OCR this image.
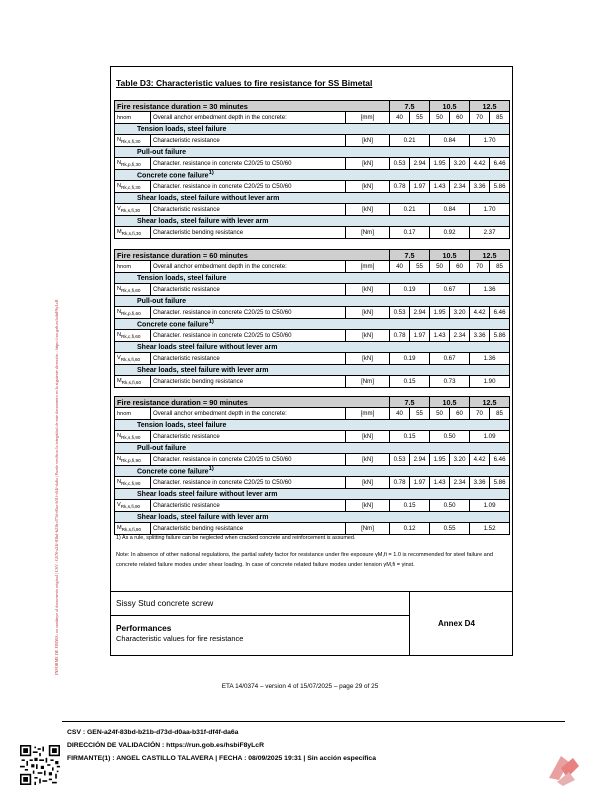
INFORME DE FIRMA: no sustituye al documento original | CSV : GEN-a24f-83bd-b21b-d73d-d0aa-b31f-df4f-da6a | Puede verificar la integridad de este documento en la siguiente dirección : https://run.gob.es/hsbiF8yLcR
Table D3: Characteristic values to fire resistance for SS Bimetal
Fire resistance duration = 30 minutes			7.5		10.5		12.5	
hnom	Overall anchor embedment depth in the concrete:	[mm]	40	55	50	60	70	85
Tension loads, steel failure								
$N_{Rk,s,fi,30}$	Characteristic resistance	[kN]	0.21		0.84		1.70	
Pull-out failure								
$N_{Rk,p,fi,30}$	Character. resistance in concrete C20/25 to C50/60	[kN]	0.53	2.94	1.95	3.20	4.42	6.46
Concrete cone failure$^{1)}$
$N_{Rk,c,fi,30}$	Character. resistance in concrete C20/25 to C50/60	[kN]	0.78	1.97	1.43	2.34	3.36	5.86
Shear loads, steel failure without lever arm								
$V_{Rk,s,fi,30}$	Characteristic resistance	[kN]	0.21		0.84		1.70	
Shear loads, steel failure with lever arm								
$M_{Rk,s,fi,30}$	Characteristic bending resistance	[Nm]	0.17		0.92		2.37	
Fire resistance duration = 60 minutes			7.5		10.5		12.5	
hnom	Overall anchor embedment depth in the concrete:	[mm]	40	55	50	60	70	85
Tension loads, steel failure								
$N_{Rk,s,fi,60}$	Characteristic resistance	[kN]	0.19		0.67		1.36	
Pull-out failure								
$N_{Rk,p,fi,60}$	Character. resistance in concrete C20/25 to C50/60	[kN]	0.53	2.94	1.95	3.20	4.42	6.46
Concrete cone failure$^{1)}$
$N_{Rk,c,fi,60}$	Character. resistance in concrete C20/25 to C50/60	[kN]	0.78	1.97	1.43	2.34	3.36	5.86
Shear loads steel failure without lever arm								
$V_{Rk,s,fi,60}$	Characteristic resistance	[kN]	0.19		0.67		1.36	
Shear loads, steel failure with lever arm								
$M_{Rk,s,fi,60}$	Characteristic bending resistance	[Nm]	0.15		0.73		1.90	
Fire resistance duration = 90 minutes			7.5		10.5		12.5	
hnom	Overall anchor embedment depth in the concrete:	[mm]	40	55	50	60	70	85
Tension loads, steel failure								
$N_{Rk,s,fi,90}$	Characteristic resistance	[kN]	0.15		0.50		1.09	
Pull-out failure								
$N_{Rk,p,fi,90}$	Character. resistance in concrete C20/25 to C50/60	[kN]	0.53	2.94	1.95	3.20	4.42	6.46
Concrete cone failure$^{1)}$
$N_{Rk,c,fi,90}$	Character. resistance in concrete C20/25 to C50/60	[kN]	0.78	1.97	1.43	2.34	3.36	5.86
Shear loads steel failure without lever arm								
$V_{Rk,s,fi,90}$	Characteristic resistance	[kN]	0.15		0.50		1.09	
Shear loads, steel failure with lever arm								
$M_{Rk,s,fi,90}$	Characteristic bending resistance	[Nm]	0.12		0.55		1.52	
1) As a rule, splitting failure can be neglected when cracked concrete and reinforcement is assumed.
Note: In absence of other national regulations, the partial safety factor for resistance under fire exposure γM,fi = 1.0 is recommended for steel failure and concrete related failure modes under shear loading. In case of concrete related failure modes under tension γM,fi = γinst.
Sissy Stud concrete screw
Performances
Characteristic values for fire resistance
Annex D4
ETA 14/0374 – version 4 of 15/07/2025 – page 29 of 25
CSV : GEN-a24f-83bd-b21b-d73d-d0aa-b31f-df4f-da6a
DIRECCIÓN DE VALIDACIÓN : https://run.gob.es/hsbiF8yLcR
FIRMANTE(1) : ANGEL CASTILLO TALAVERA | FECHA : 08/09/2025 19:31 | Sin acción específica
